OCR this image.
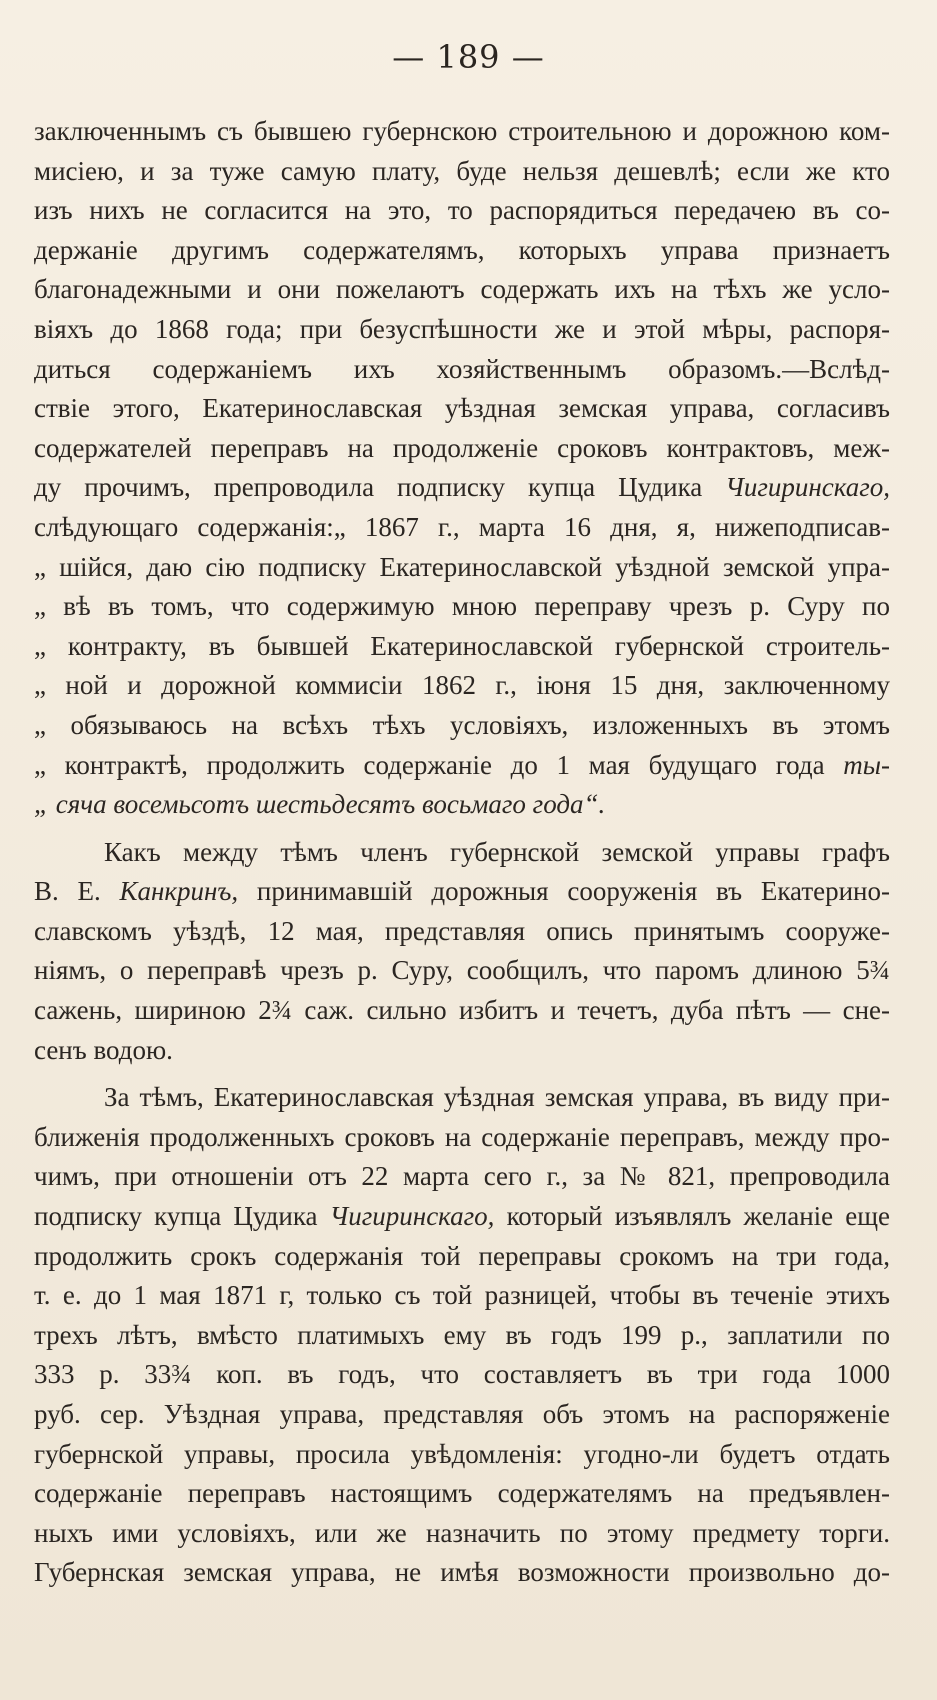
— 189 —
заключеннымъ съ бывшею губернскою строительною и дорожною ком-
мисіею, и за туже самую плату, буде нельзя дешевлѣ; если же кто
изъ нихъ не согласится на это, то распорядиться передачею въ со-
держаніе другимъ содержателямъ, которыхъ управа признаетъ
благонадежными и они пожелаютъ содержать ихъ на тѣхъ же усло-
віяхъ до 1868 года; при безуспѣшности же и этой мѣры, распоря-
диться содержаніемъ ихъ хозяйственнымъ образомъ.—Вслѣд-
ствіе этого, Екатеринославская уѣздная земская управа, согласивъ
содержателей переправъ на продолженіе сроковъ контрактовъ, меж-
ду прочимъ, препроводила подписку купца Цудика Чигиринскаго,
слѣдующаго содержанія:„ 1867 г., марта 16 дня, я, нижеподписав-
„ шійся, даю сію подписку Екатеринославской уѣздной земской упра-
„ вѣ въ томъ, что содержимую мною переправу чрезъ р. Суру по
„ контракту, въ бывшей Екатеринославской губернской строитель-
„ ной и дорожной коммисіи 1862 г., іюня 15 дня, заключенному
„ обязываюсь на всѣхъ тѣхъ условіяхъ, изложенныхъ въ этомъ
„ контрактѣ, продолжить содержаніе до 1 мая будущаго года ты-
„ сяча восемьсотъ шестьдесятъ восьмаго года“.
Какъ между тѣмъ членъ губернской земской управы графъ
В. Е. Канкринъ, принимавшій дорожныя сооруженія въ Екатерино-
славскомъ уѣздѣ, 12 мая, представляя опись принятымъ сооруже-
ніямъ, о переправѣ чрезъ р. Суру, сообщилъ, что паромъ длиною 5¾
сажень, шириною 2¾ саж. сильно избитъ и течетъ, дуба пѣтъ — сне-
сенъ водою.
За тѣмъ, Екатеринославская уѣздная земская управа, въ виду при-
ближенія продолженныхъ сроковъ на содержаніе переправъ, между про-
чимъ, при отношеніи отъ 22 марта сего г., за № 821, препроводила
подписку купца Цудика Чигиринскаго, который изъявлялъ желаніе еще
продолжить срокъ содержанія той переправы срокомъ на три года,
т. е. до 1 мая 1871 г, только съ той разницей, чтобы въ теченіе этихъ
трехъ лѣтъ, вмѣсто платимыхъ ему въ годъ 199 р., заплатили по
333 р. 33¾ коп. въ годъ, что составляетъ въ три года 1000
руб. сер. Уѣздная управа, представляя объ этомъ на распоряженіе
губернской управы, просила увѣдомленія: угодно-ли будетъ отдать
содержаніе переправъ настоящимъ содержателямъ на предъявлен-
ныхъ ими условіяхъ, или же назначить по этому предмету торги.
Губернская земская управа, не имѣя возможности произвольно до-
